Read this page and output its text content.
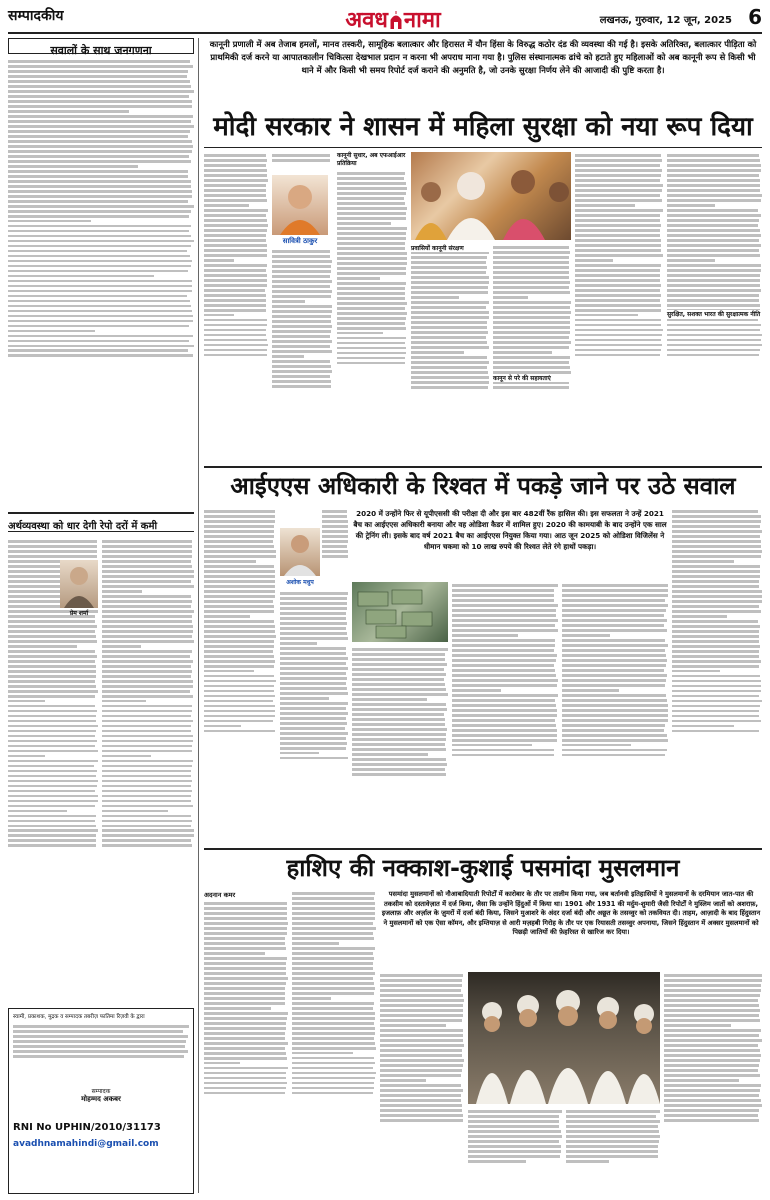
सम्पादकीय	अवध नामा	लखनऊ, गुरुवार, 12 जून, 2025 6
सवालों के साथ जनगणना
अर्थव्यवस्था को धार देगी रेपो दरों में कमी
प्रेम शर्मा
स्वामी, प्रकाशक, मुद्रक व सम्पादक तबरीज़ फातिमा रिज़वी के द्वारा
सम्पादक
मोहम्मद अकबर
RNI No UPHIN/2010/31173
avadhnamahindi@gmail.com
कानूनी प्रणाली में अब तेजाब हमलों, मानव तस्करी, सामूहिक बलात्कार और हिरासत में यौन हिंसा के विरुद्ध कठोर दंड की व्यवस्था की गई है। इसके अतिरिक्त, बलात्कार पीड़िता को प्राथमिकी दर्ज करने या आपातकालीन चिकित्सा देखभाल प्रदान न करना भी अपराध माना गया है। पुलिस संस्थानात्मक ढांचे को हटाते हुए महिलाओं को अब कानूनी रूप से किसी भी थाने में और किसी भी समय रिपोर्ट दर्ज कराने की अनुमति है, जो उनके सुरक्षा निर्णय लेने की आजादी की पुष्टि करता है।
मोदी सरकार ने शासन में महिला सुरक्षा को नया रूप दिया
सावित्री ठाकुर
कानूनी सुधार, अब एफआईआर प्रतिक्रिया
प्रवासियों कानूनी संरक्षण
कानून से परे की सहायताएं
सुरक्षित, सशक्त भारत की सुरक्षात्मक नीति
आईएएस अधिकारी के रिश्वत में पकड़े जाने पर उठे सवाल
अशोक मधुप
2020 में उन्होंने फिर से यूपीएससी की परीक्षा दी और इस बार 482वीं रैंक हासिल की। इस सफलता ने उन्हें 2021 बैच का आईएएस अधिकारी बनाया और वह ओडिशा कैडर में शामिल हुए। 2020 की कामयाबी के बाद उन्होंने एक साल की ट्रेनिंग ली। इसके बाद वर्ष 2021 बैच का आईएएस नियुक्त किया गया। आठ जून 2025 को ओडिशा विजिलेंस ने धीमान चकमा को 10 लाख रुपये की रिश्वत लेते रंगे हाथों पकड़ा।
हाशिए की नक्काश-कुशाई पसमांदा मुसलमान
अदनान कमर	पसमांदा मुसलमानों को नौआबादियाती रिपोर्टों में कारोबार के तौर पर तालीम किया गया, जब बर्तानवी इतिहासियों ने मुसलमानों के दरमियान जात-पात की तकसीम को दस्तावेज़ात में दर्ज किया, जैसा कि उन्होंने हिंदुओं में किया था। 1901 और 1931 की मर्दुम-शुमारी जैसी रिपोर्टों ने मुस्लिम जातों को अशराफ़, इजलाफ़ और अर्ज़ाल के ज़ुमरों में दर्जा बंदी किया, जिसने मुआशरे के अंदर दर्जा बंदी और अछूत के तसव्वुर को तकवियत दी। ताहम, आज़ादी के बाद हिंदुस्तान ने मुसलमानों को एक ऐसा कॉमन, और इम्तियाज़ से आरी मज़हबी गिरोह के तौर पर एक रियासती तसव्वुर अपनाया, जिसने हिंदुस्तान में अक्सर मुसलमानों को पिछड़ी जातियों की फ़ेहरिस्त से खारिज कर दिया।
